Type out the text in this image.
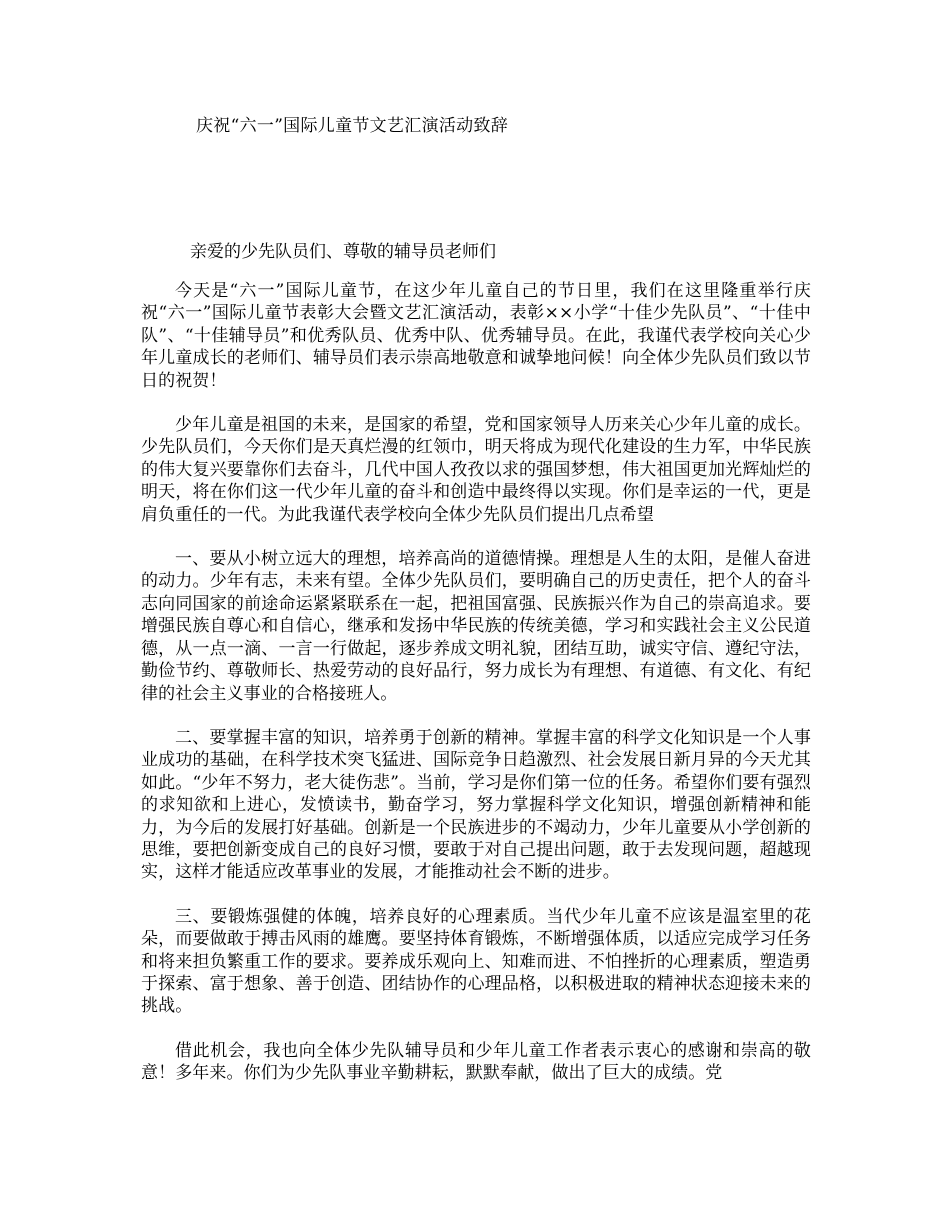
庆祝“六一”国际儿童节文艺汇演活动致辞
亲爱的少先队员们、尊敬的辅导员老师们

今天是“六一”国际儿童节，在这少年儿童自己的节日里，我们在这里隆重举行庆祝“六一”国际儿童节表彰大会暨文艺汇演活动，表彰××小学“十佳少先队员”、“十佳中队”、“十佳辅导员”和优秀队员、优秀中队、优秀辅导员。在此，我谨代表学校向关心少年儿童成长的老师们、辅导员们表示崇高地敬意和诚挚地问候！向全体少先队员们致以节日的祝贺！

少年儿童是祖国的未来，是国家的希望，党和国家领导人历来关心少年儿童的成长。少先队员们，今天你们是天真烂漫的红领巾，明天将成为现代化建设的生力军，中华民族的伟大复兴要靠你们去奋斗，几代中国人孜孜以求的强国梦想，伟大祖国更加光辉灿烂的明天，将在你们这一代少年儿童的奋斗和创造中最终得以实现。你们是幸运的一代，更是肩负重任的一代。为此我谨代表学校向全体少先队员们提出几点希望

一、要从小树立远大的理想，培养高尚的道德情操。理想是人生的太阳，是催人奋进的动力。少年有志，未来有望。全体少先队员们，要明确自己的历史责任，把个人的奋斗志向同国家的前途命运紧紧联系在一起，把祖国富强、民族振兴作为自己的崇高追求。要增强民族自尊心和自信心，继承和发扬中华民族的传统美德，学习和实践社会主义公民道德，从一点一滴、一言一行做起，逐步养成文明礼貌，团结互助，诚实守信、遵纪守法，勤俭节约、尊敬师长、热爱劳动的良好品行，努力成长为有理想、有道德、有文化、有纪律的社会主义事业的合格接班人。

二、要掌握丰富的知识，培养勇于创新的精神。掌握丰富的科学文化知识是一个人事业成功的基础，在科学技术突飞猛进、国际竞争日趋激烈、社会发展日新月异的今天尤其如此。“少年不努力，老大徒伤悲”。当前，学习是你们第一位的任务。希望你们要有强烈的求知欲和上进心，发愤读书，勤奋学习，努力掌握科学文化知识，增强创新精神和能力，为今后的发展打好基础。创新是一个民族进步的不竭动力，少年儿童要从小学创新的思维，要把创新变成自己的良好习惯，要敢于对自己提出问题，敢于去发现问题，超越现实，这样才能适应改革事业的发展，才能推动社会不断的进步。

三、要锻炼强健的体魄，培养良好的心理素质。当代少年儿童不应该是温室里的花朵，而要做敢于搏击风雨的雄鹰。要坚持体育锻炼，不断增强体质，以适应完成学习任务和将来担负繁重工作的要求。要养成乐观向上、知难而进、不怕挫折的心理素质，塑造勇于探索、富于想象、善于创造、团结协作的心理品格，以积极进取的精神状态迎接未来的挑战。

借此机会，我也向全体少先队辅导员和少年儿童工作者表示衷心的感谢和崇高的敬意！多年来。你们为少先队事业辛勤耕耘，默默奉献，做出了巨大的成绩。党
